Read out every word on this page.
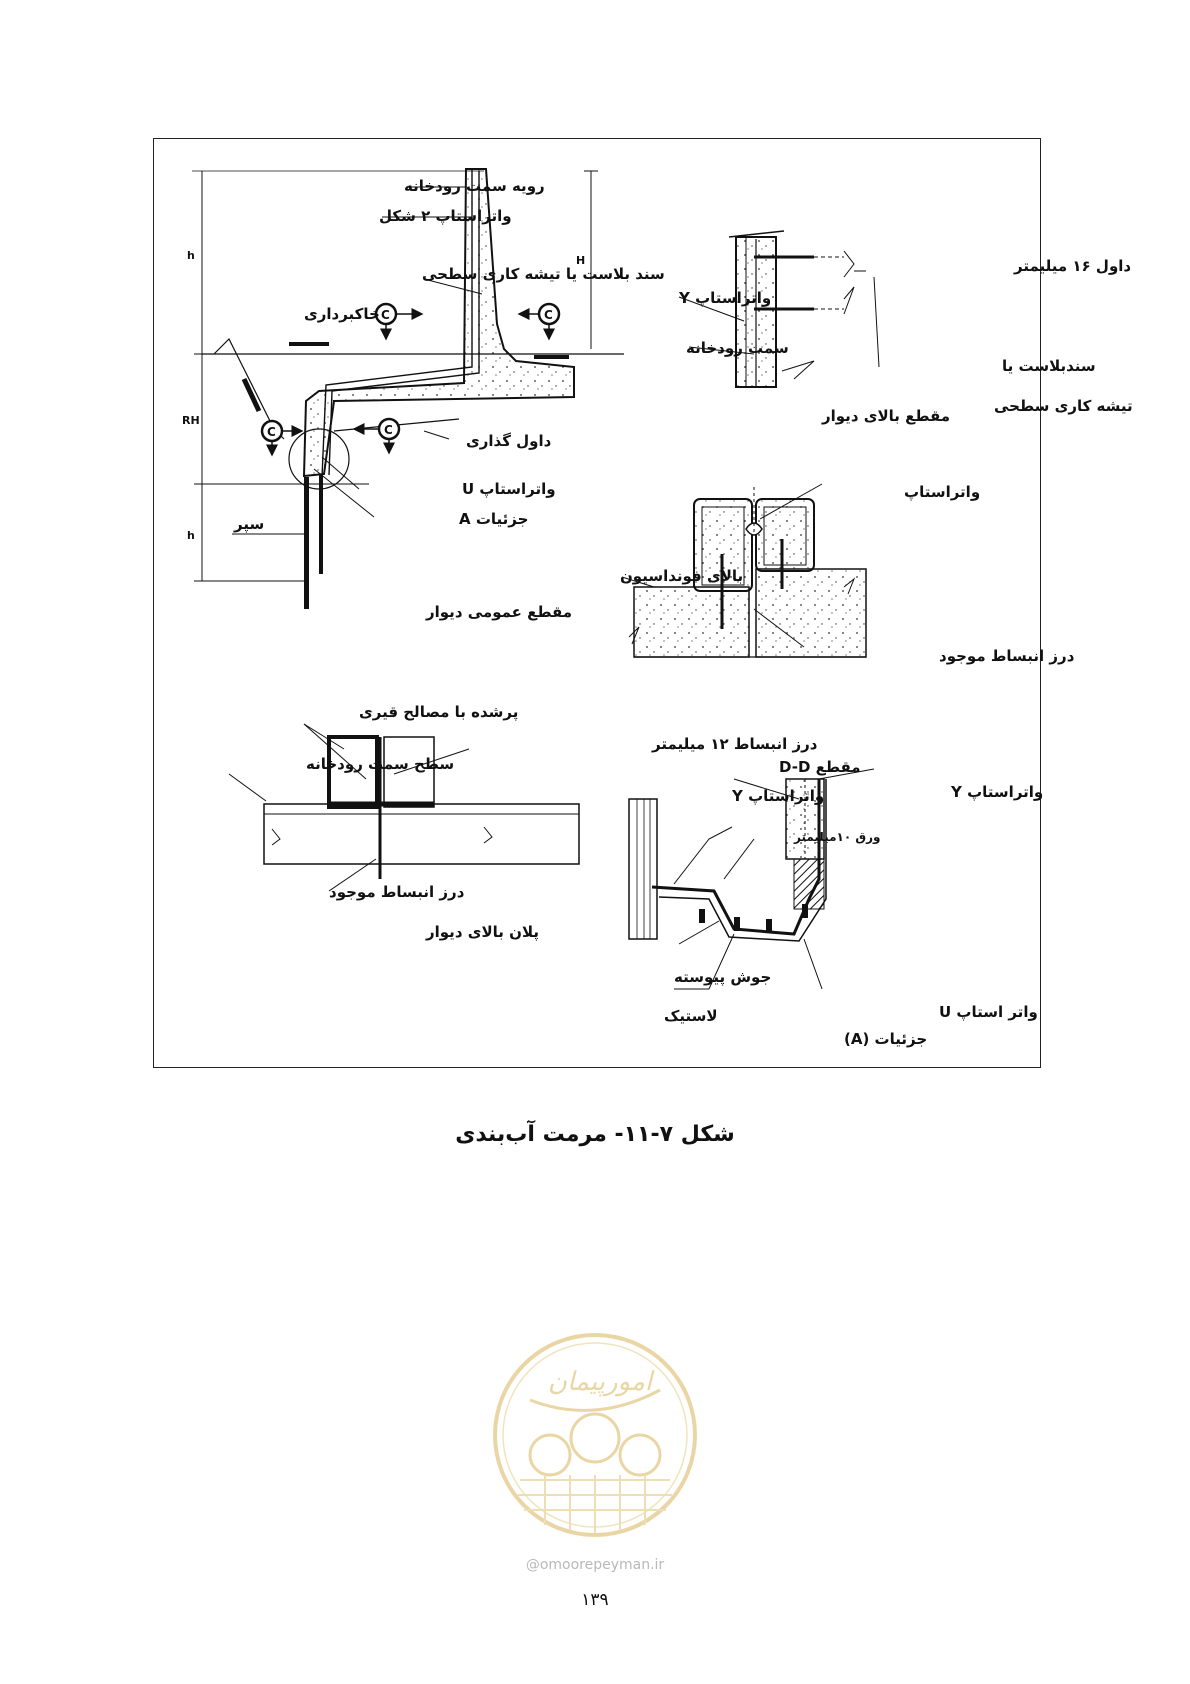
h
RH
h
H
C	C
C	C
رویه سمت رودخانه
واتراستاپ ۲ شکل
سند بلاست یا تیشه کاری سطحی
خاکبرداری
داول گذاری
واتراستاپ U
جزئیات A
سپر
مقطع عمومی دیوار
داول ۱۶ میلیمتر
واتراستاپ Y
سمت رودخانه
سندبلاست یا
تیشه کاری سطحی
مقطع بالای دیوار
واتراستاپ
بالای فونداسیون
درز انبساط موجود
پرشده با مصالح قیری
درز انبساط ۱۲ میلیمتر
سطح سمت رودخانه
درز انبساط موجود
پلان بالای دیوار
مقطع D-D
واتراستاپ Y	واتراستاپ Y
ورق ۱۰میلیمتر
جوش پیوسته
لاستیک	واتر استاپ U
جزئیات (A)
شکل ۷-۱۱- مرمت آب‌بندی
امورپیمان
@omoorepeyman.ir
۱۳۹
